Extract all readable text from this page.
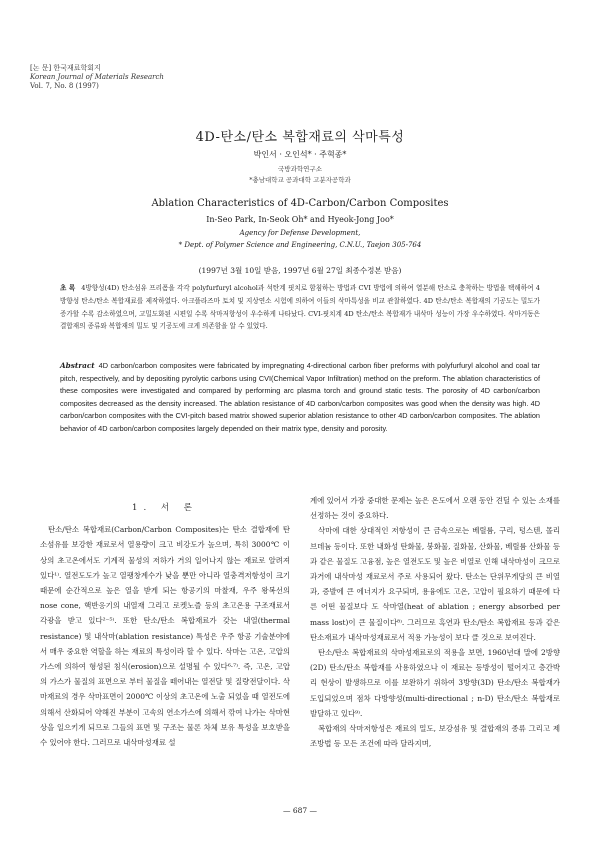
[논 문] 한국재료학회지
Korean Journal of Materials Research
Vol. 7, No. 8 (1997)
4D-탄소/탄소 복합재료의 삭마특성
박인서 · 오인석* · 주혁종*
국방과학연구소
*충남대학교 공과대학 고분자공학과
Ablation Characteristics of 4D-Carbon/Carbon Composites
In-Seo Park, In-Seok Oh* and Hyeok-Jong Joo*
Agency for Defense Development,
* Dept. of Polymer Science and Engineering, C.N.U., Taejon 305-764
(1997년 3월 10일 받음, 1997년 6월 27일 최종수정본 받음)
초 록 4방향성(4D) 탄소섬유 프리폼을 각각 polyfurfuryl alcohol과 석탄계 핏치로 함침하는 방법과 CVI 방법에 의하여 열분해 탄소로 충착하는 방법을 택해하여 4방향성 탄소/탄소 복합재료를 제작하였다. 아크플라즈마 토치 및 지상연소 시험에 의하여 이들의 삭마특성을 비교 관찰하였다. 4D 탄소/탄소 복합재의 기공도는 밀도가 증가할 수록 감소하였으며, 고밀도화된 시편일 수록 삭마저항성이 우수하게 나타났다. CVI-핏치계 4D 탄소/탄소 복합재가 내삭마 성능이 가장 우수하였다. 삭마거동은 결합재의 종류와 복합재의 밀도 및 기공도에 크게 의존함을 알 수 있었다.
Abstract 4D carbon/carbon composites were fabricated by impregnating 4-directional carbon fiber preforms with polyfurfuryl alcohol and coal tar pitch, respectively, and by depositing pyrolytic carbons using CVI(Chemical Vapor Infiltration) method on the preform. The ablation characteristics of these composites were investigated and compared by performing arc plasma torch and ground static tests. The porosity of 4D carbon/carbon composites decreased as the density increased. The ablation resistance of 4D carbon/carbon composites was good when the density was high. 4D carbon/carbon composites with the CVI-pitch based matrix showed superior ablation resistance to other 4D carbon/carbon composites. The ablation behavior of 4D carbon/carbon composites largely depended on their matrix type, density and porosity.
1. 서 론

탄소/탄소 복합재료(Carbon/Carbon Composites)는 탄소 결합재에 탄소섬유를 보강한 재료로서 열용량이 크고 비강도가 높으며, 특히 3000℃ 이상의 초고온에서도 기계적 물성의 저하가 거의 일어나지 않는 재료로 알려져 있다¹⁾. 열전도도가 높고 열팽창계수가 낮을 뿐만 아니라 열충격저항성이 크기 때문에 순간적으로 높은 열을 받게 되는 항공기의 마찰재, 우주 왕복선의 nose cone, 핵반응기의 내열재 그리고 로켓노즐 등의 초고온용 구조재료서 각광을 받고 있다²⁻⁵⁾. 또한 탄소/탄소 복합재료가 갖는 내열(thermal resistance) 및 내삭마(ablation resistance) 특성은 우주 항공 기술분야에서 매우 중요한 역할을 하는 재료의 특성이라 할 수 있다. 삭마는 고온, 고압의 가스에 의하여 형성된 침식(erosion)으로 설명될 수 있다⁶·⁷⁾. 즉, 고온, 고압의 가스가 물질의 표면으로 부터 물질을 떼어내는 열전달 및 질량전달이다. 삭마재료의 경우 삭마표면이 2000℃ 이상의 초고온에 노출 되었을 때 열전도에 의해서 산화되어 약해진 부분이 고속의 연소가스에 의해서 깎여 나가는 삭마현상을 일으키게 되므로 그들의 표면 및 구조는 물론 차체 보유 특성을 보호받을 수 있어야 한다. 그러므로 내삭마성재료 설

계에 있어서 가장 중대한 문제는 높은 온도에서 오랜 동안 견딜 수 있는 소재를 선정하는 것이 중요하다.

삭마에 대한 상대적인 저항성이 큰 금속으로는 베릴륨, 구리, 텅스텐, 몰리브데늄 등이다. 또한 내화성 탄화물, 붕화물, 질화물, 산화물, 베릴륨 산화물 등과 같은 물질도 고융점, 높은 열전도도 및 높은 비열로 인해 내삭마성이 크므로 과거에 내삭마성 재료로서 주로 사용되어 왔다. 탄소는 단위무게당의 큰 비열과, 증발에 큰 에너지가 요구되며, 용융에도 고온, 고압이 필요하기 때문에 다른 어떤 물질보다 도 삭마열(heat of ablation ; energy absorbed per mass lost)이 큰 물질이다⁸⁾. 그러므로 흑연과 탄소/탄소 복합재료 등과 같은 탄소재료가 내삭마성재료로서 적용 가능성이 보다 클 것으로 보여진다.

탄소/탄소 복합재료의 삭마성재료로의 적용을 보면, 1960년대 말에 2방향(2D) 탄소/탄소 복합재를 사용하였으나 이 재료는 등방성이 떨어지고 층간박리 현상이 발생하므로 이를 보완하기 위하여 3방향(3D) 탄소/탄소 복합재가 도입되었으며 점차 다방향성(multi-directional ; n-D) 탄소/탄소 복합재로 발달하고 있다⁹⁾.

복합재의 삭마저항성은 재료의 밀도, 보강섬유 및 결합재의 종류 그리고 제조방법 등 모든 조건에 따라 달라지며,

— 687 —
